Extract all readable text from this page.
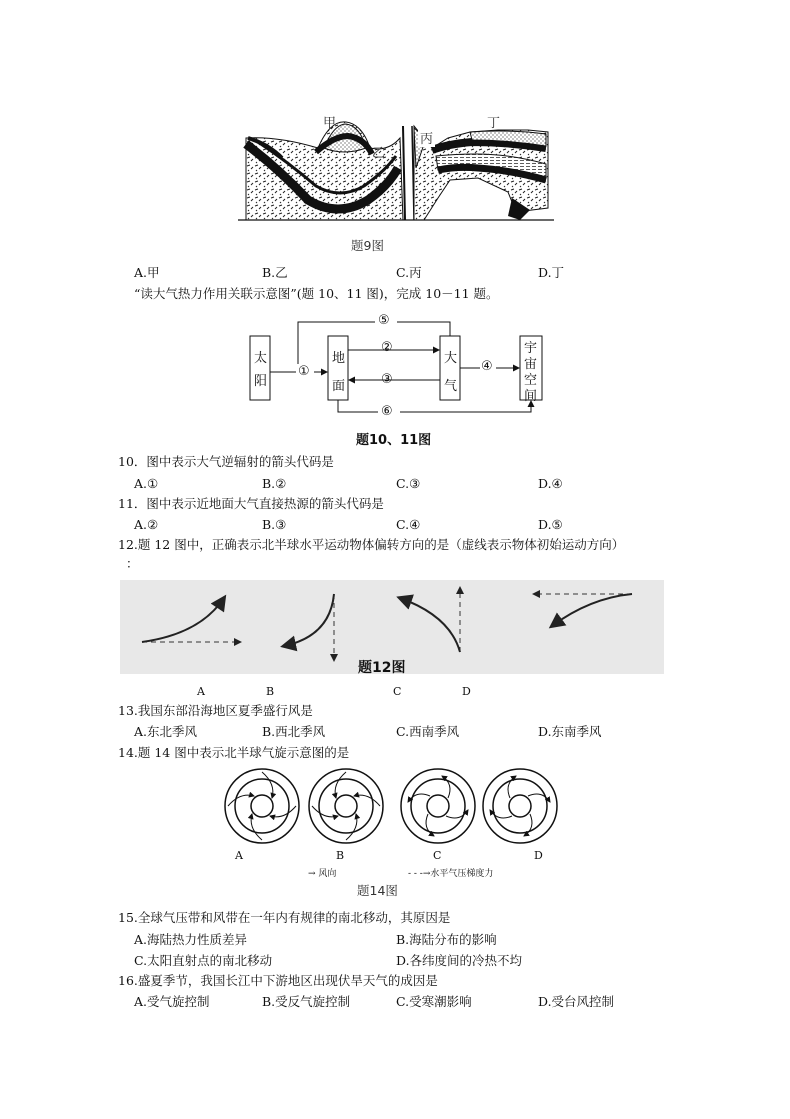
甲
乙
丙
丁
题9图
A.甲	B.乙	C.丙	D.丁
“读大气热力作用关联示意图”(题 10、11 图)，完成 10－11 题。
太
阳
地
面
大
气
宇
宙
空
间
①
②
③
④
⑤
⑥
题10、11图
10．图中表示大气逆辐射的箭头代码是
A.①	B.②	C.③	D.④
11．图中表示近地面大气直接热源的箭头代码是
A.②	B.③	C.④	D.⑤
12.题 12 图中，正确表示北半球水平运动物体偏转方向的是（虚线表示物体初始运动方向）
：
题12图
A	B	C	D
13.我国东部沿海地区夏季盛行风是
A.东北季风	B.西北季风	C.西南季风	D.东南季风
14.题 14 图中表示北半球气旋示意图的是
A	B	C	D
→ 风向	- - -→水平气压梯度力
题14图
15.全球气压带和风带在一年内有规律的南北移动，其原因是
A.海陆热力性质差异	B.海陆分布的影响
C.太阳直射点的南北移动	D.各纬度间的冷热不均
16.盛夏季节，我国长江中下游地区出现伏旱天气的成因是
A.受气旋控制	B.受反气旋控制	C.受寒潮影响	D.受台风控制
